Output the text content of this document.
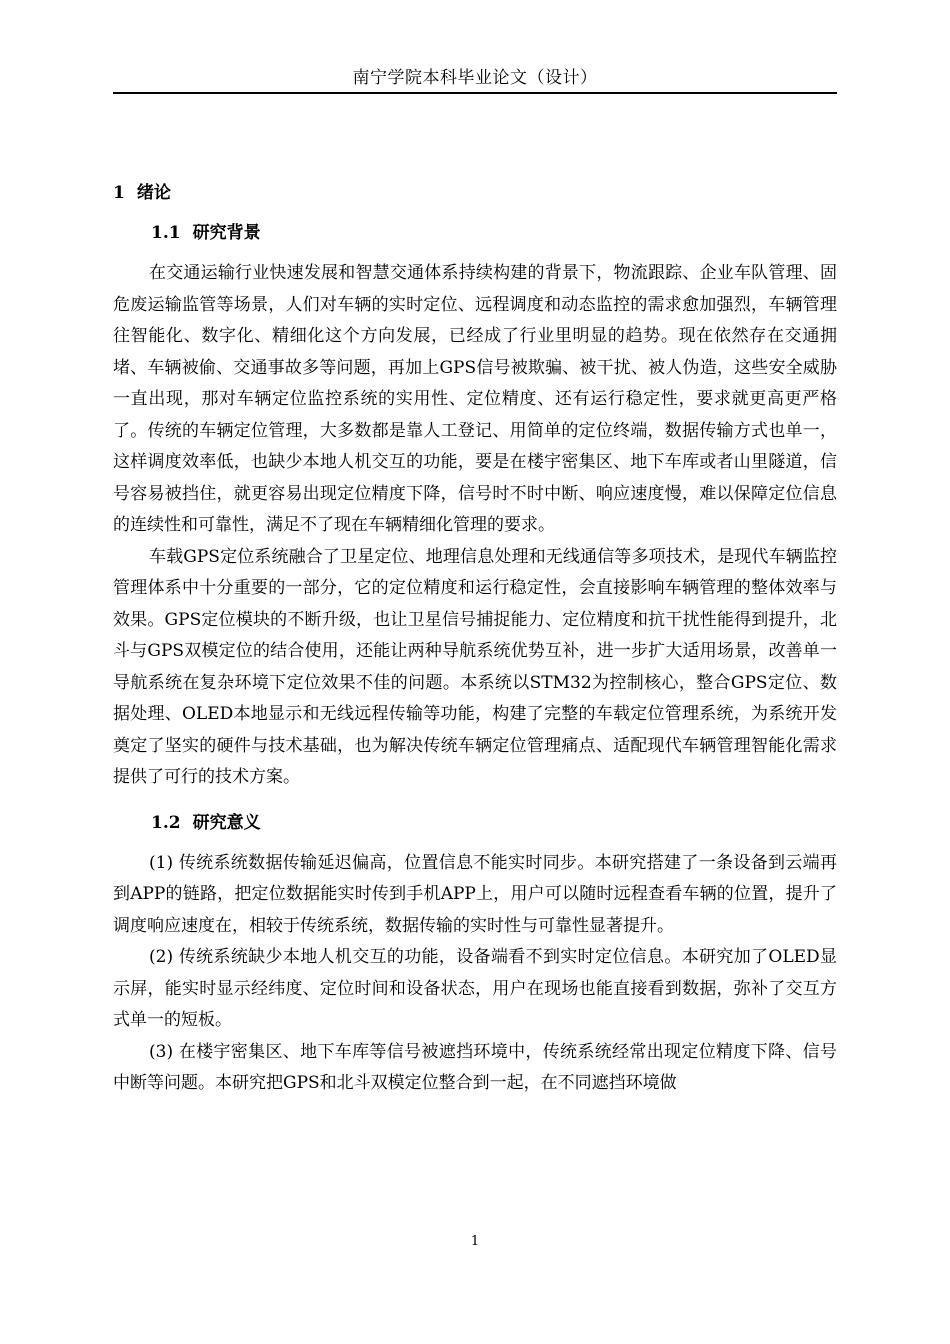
南宁学院本科毕业论文（设计）
1 绪论
1.1 研究背景

在交通运输行业快速发展和智慧交通体系持续构建的背景下，物流跟踪、企业车队管理、固危废运输监管等场景，人们对车辆的实时定位、远程调度和动态监控的需求愈加强烈，车辆管理往智能化、数字化、精细化这个方向发展，已经成了行业里明显的趋势。现在依然存在交通拥堵、车辆被偷、交通事故多等问题，再加上GPS信号被欺骗、被干扰、被人伪造，这些安全威胁一直出现，那对车辆定位监控系统的实用性、定位精度、还有运行稳定性，要求就更高更严格了。传统的车辆定位管理，大多数都是靠人工登记、用简单的定位终端，数据传输方式也单一，这样调度效率低，也缺少本地人机交互的功能，要是在楼宇密集区、地下车库或者山里隧道，信号容易被挡住，就更容易出现定位精度下降，信号时不时中断、响应速度慢，难以保障定位信息的连续性和可靠性，满足不了现在车辆精细化管理的要求。

车载GPS定位系统融合了卫星定位、地理信息处理和无线通信等多项技术，是现代车辆监控管理体系中十分重要的一部分，它的定位精度和运行稳定性，会直接影响车辆管理的整体效率与效果。GPS定位模块的不断升级，也让卫星信号捕捉能力、定位精度和抗干扰性能得到提升，北斗与GPS双模定位的结合使用，还能让两种导航系统优势互补，进一步扩大适用场景，改善单一导航系统在复杂环境下定位效果不佳的问题。本系统以STM32为控制核心，整合GPS定位、数据处理、OLED本地显示和无线远程传输等功能，构建了完整的车载定位管理系统，为系统开发奠定了坚实的硬件与技术基础，也为解决传统车辆定位管理痛点、适配现代车辆管理智能化需求提供了可行的技术方案。

1.2 研究意义

(1) 传统系统数据传输延迟偏高，位置信息不能实时同步。本研究搭建了一条设备到云端再到APP的链路，把定位数据能实时传到手机APP上，用户可以随时远程查看车辆的位置，提升了调度响应速度在，相较于传统系统，数据传输的实时性与可靠性显著提升。

(2) 传统系统缺少本地人机交互的功能，设备端看不到实时定位信息。本研究加了OLED显示屏，能实时显示经纬度、定位时间和设备状态，用户在现场也能直接看到数据，弥补了交互方式单一的短板。

(3) 在楼宇密集区、地下车库等信号被遮挡环境中，传统系统经常出现定位精度下降、信号中断等问题。本研究把GPS和北斗双模定位整合到一起，在不同遮挡环境做

1
